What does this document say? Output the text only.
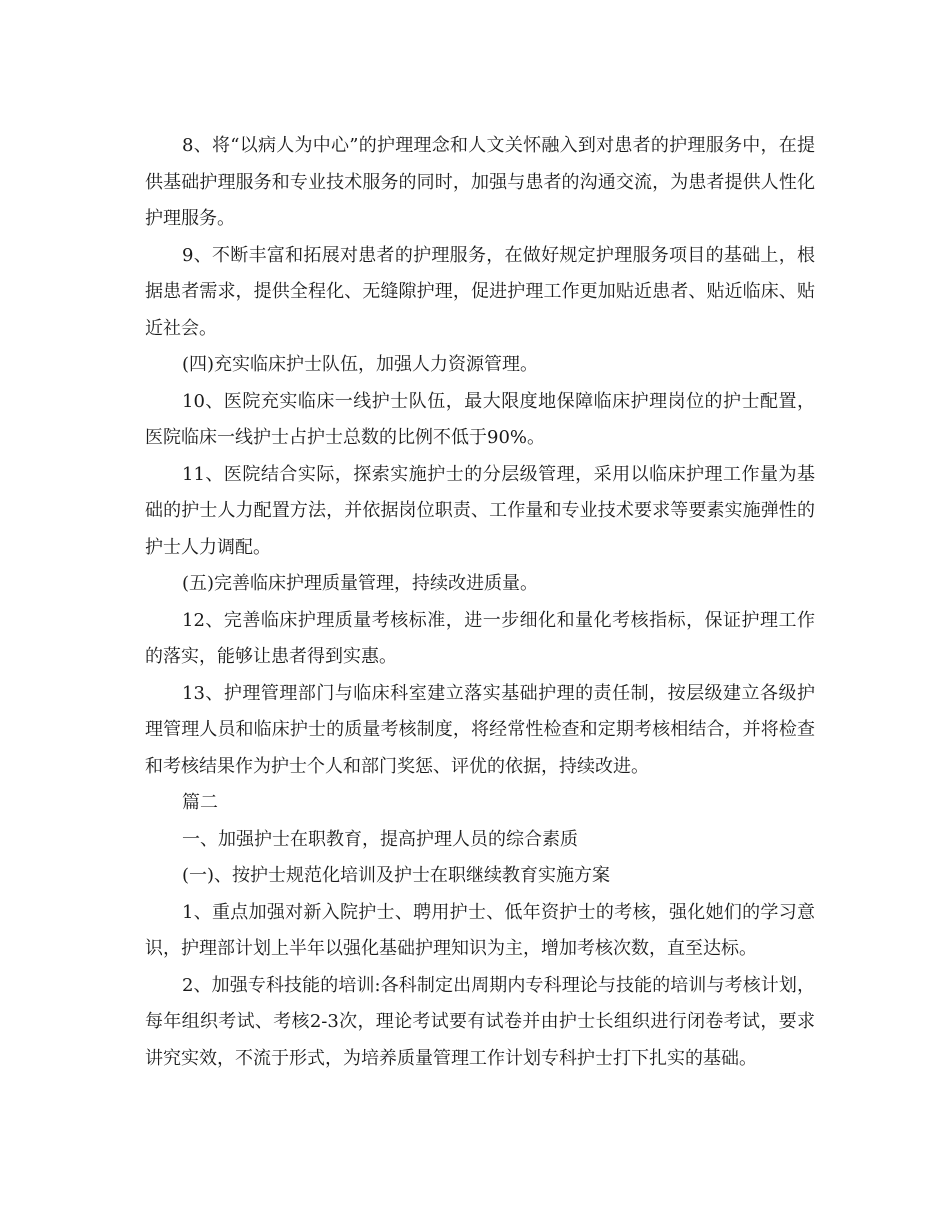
8、将“以病人为中心”的护理理念和人文关怀融入到对患者的护理服务中，在提供基础护理服务和专业技术服务的同时，加强与患者的沟通交流，为患者提供人性化护理服务。

9、不断丰富和拓展对患者的护理服务，在做好规定护理服务项目的基础上，根据患者需求，提供全程化、无缝隙护理，促进护理工作更加贴近患者、贴近临床、贴近社会。

(四)充实临床护士队伍，加强人力资源管理。

10、医院充实临床一线护士队伍，最大限度地保障临床护理岗位的护士配置，医院临床一线护士占护士总数的比例不低于90%。

11、医院结合实际，探索实施护士的分层级管理，采用以临床护理工作量为基础的护士人力配置方法，并依据岗位职责、工作量和专业技术要求等要素实施弹性的护士人力调配。

(五)完善临床护理质量管理，持续改进质量。

12、完善临床护理质量考核标准，进一步细化和量化考核指标，保证护理工作的落实，能够让患者得到实惠。

13、护理管理部门与临床科室建立落实基础护理的责任制，按层级建立各级护理管理人员和临床护士的质量考核制度，将经常性检查和定期考核相结合，并将检查和考核结果作为护士个人和部门奖惩、评优的依据，持续改进。

篇二

一、加强护士在职教育，提高护理人员的综合素质

(一)、按护士规范化培训及护士在职继续教育实施方案

1、重点加强对新入院护士、聘用护士、低年资护士的考核，强化她们的学习意识，护理部计划上半年以强化基础护理知识为主，增加考核次数，直至达标。

2、加强专科技能的培训:各科制定出周期内专科理论与技能的培训与考核计划，每年组织考试、考核2-3次，理论考试要有试卷并由护士长组织进行闭卷考试，要求讲究实效，不流于形式，为培养质量管理工作计划专科护士打下扎实的基础。
